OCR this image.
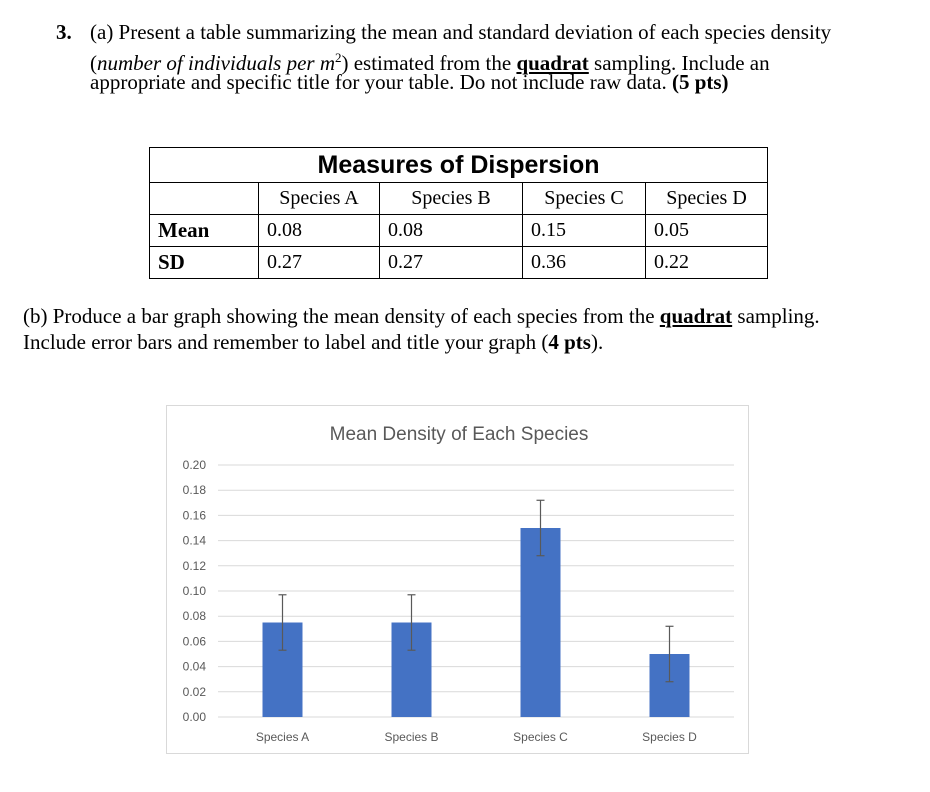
3. (a) Present a table summarizing the mean and standard deviation of each species density
(number of individuals per $m^2$) estimated from the quadrat sampling. Include an
appropriate and specific title for your table. Do not include raw data. (5 pts)
Measures of Dispersion				
	Species A	Species B	Species C	Species D
Mean	0.08	0.08	0.15	0.05
SD	0.27	0.27	0.36	0.22
(b) Produce a bar graph showing the mean density of each species from the quadrat sampling.
Include error bars and remember to label and title your graph (4 pts).
Mean Density of Each Species
0.00
0.02
0.04
0.06
0.08
0.10
0.12
0.14
0.16
0.18
0.20
Species A	Species B	Species C	Species D
